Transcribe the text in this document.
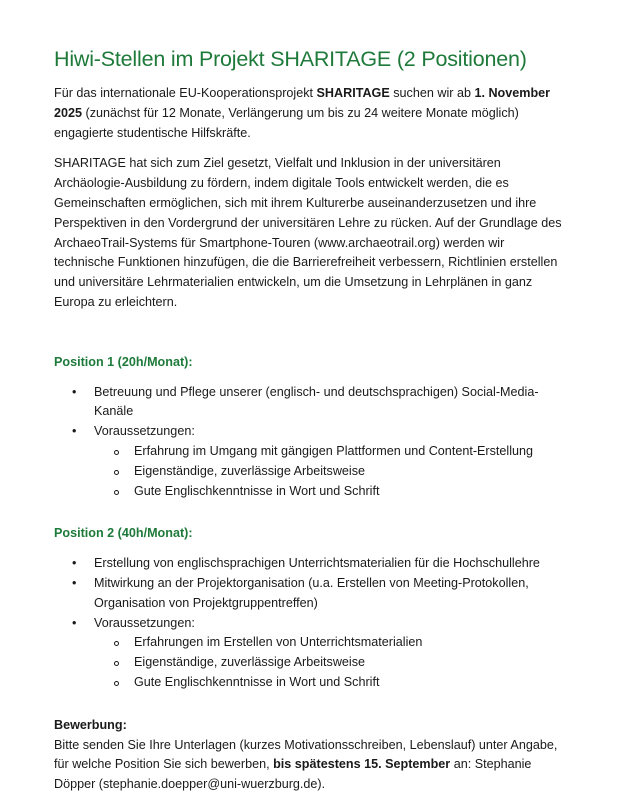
Hiwi-Stellen im Projekt SHARITAGE (2 Positionen)

Für das internationale EU-Kooperationsprojekt SHARITAGE suchen wir ab 1. November 2025 (zunächst für 12 Monate, Verlängerung um bis zu 24 weitere Monate möglich) engagierte studentische Hilfskräfte.

SHARITAGE hat sich zum Ziel gesetzt, Vielfalt und Inklusion in der universitären Archäologie-Ausbildung zu fördern, indem digitale Tools entwickelt werden, die es Gemeinschaften ermöglichen, sich mit ihrem Kulturerbe auseinanderzusetzen und ihre Perspektiven in den Vordergrund der universitären Lehre zu rücken. Auf der Grundlage des ArchaeoTrail-Systems für Smartphone-Touren (www.archaeotrail.org) werden wir technische Funktionen hinzufügen, die die Barrierefreiheit verbessern, Richtlinien erstellen und universitäre Lehrmaterialien entwickeln, um die Umsetzung in Lehrplänen in ganz Europa zu erleichtern.

Position 1 (20h/Monat):
• Betreuung und Pflege unserer (englisch- und deutschsprachigen) Social-Media-Kanäle
• Voraussetzungen:
Erfahrung im Umgang mit gängigen Plattformen und Content-Erstellung
Eigenständige, zuverlässige Arbeitsweise
Gute Englischkenntnisse in Wort und Schrift
Position 2 (40h/Monat):
• Erstellung von englischsprachigen Unterrichtsmaterialien für die Hochschullehre
• Mitwirkung an der Projektorganisation (u.a. Erstellen von Meeting-Protokollen, Organisation von Projektgruppentreffen)
• Voraussetzungen:
Erfahrungen im Erstellen von Unterrichtsmaterialien
Eigenständige, zuverlässige Arbeitsweise
Gute Englischkenntnisse in Wort und Schrift
Bewerbung:

Bitte senden Sie Ihre Unterlagen (kurzes Motivationsschreiben, Lebenslauf) unter Angabe, für welche Position Sie sich bewerben, bis spätestens 15. September an: Stephanie Döpper (stephanie.doepper@uni-wuerzburg.de).
